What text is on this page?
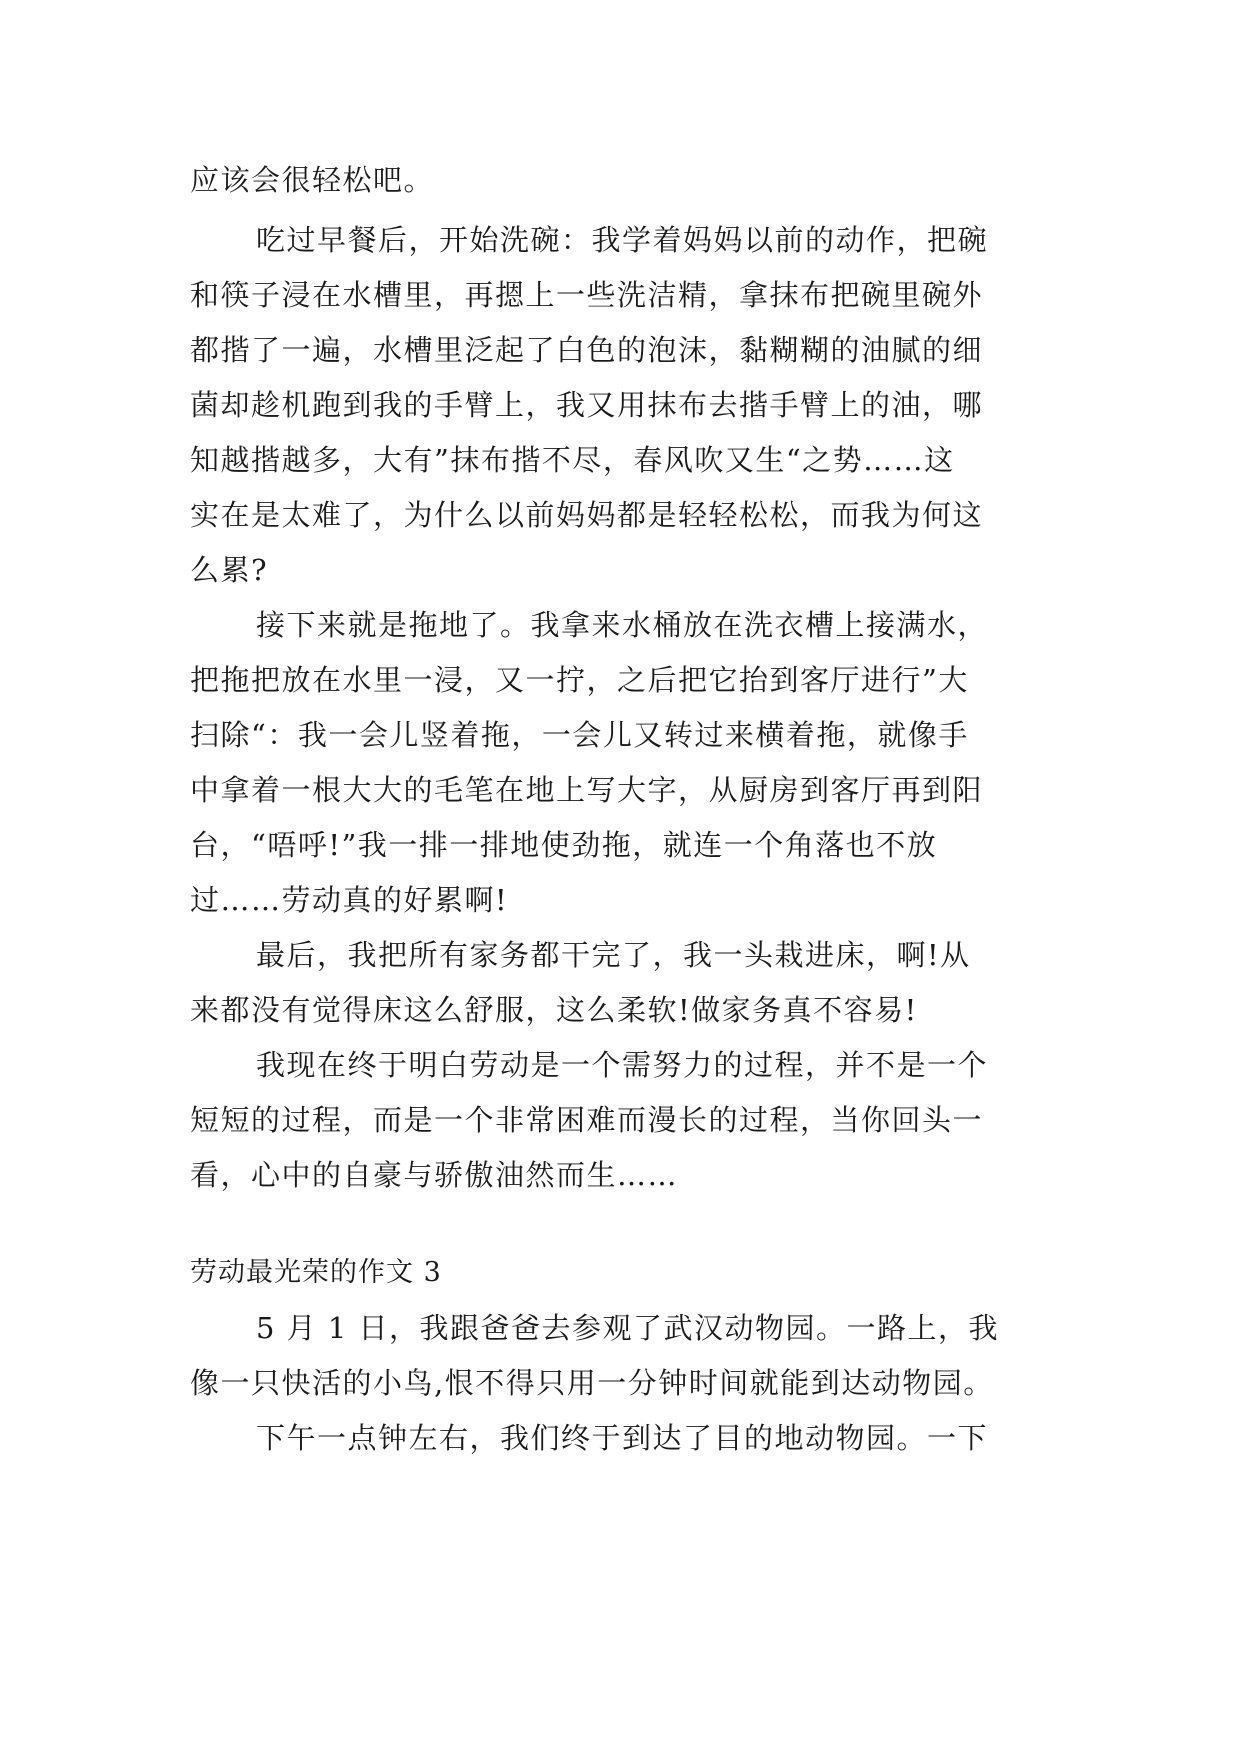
应该会很轻松吧。
吃过早餐后，开始洗碗：我学着妈妈以前的动作，把碗
和筷子浸在水槽里，再摁上一些洗洁精，拿抹布把碗里碗外
都揩了一遍，水槽里泛起了白色的泡沫，黏糊糊的油腻的细
菌却趁机跑到我的手臂上，我又用抹布去揩手臂上的油，哪
知越揩越多，大有”抹布揩不尽，春风吹又生“之势……这
实在是太难了，为什么以前妈妈都是轻轻松松，而我为何这
么累?
接下来就是拖地了。我拿来水桶放在洗衣槽上接满水，
把拖把放在水里一浸，又一拧，之后把它抬到客厅进行”大
扫除“：我一会儿竖着拖，一会儿又转过来横着拖，就像手
中拿着一根大大的毛笔在地上写大字，从厨房到客厅再到阳
台，“唔呼!”我一排一排地使劲拖，就连一个角落也不放
过……劳动真的好累啊!
最后，我把所有家务都干完了，我一头栽进床，啊!从
来都没有觉得床这么舒服，这么柔软!做家务真不容易!
我现在终于明白劳动是一个需努力的过程，并不是一个
短短的过程，而是一个非常困难而漫长的过程，当你回头一
看，心中的自豪与骄傲油然而生……
劳动最光荣的作文 3
5 月 1 日，我跟爸爸去参观了武汉动物园。一路上，我
像一只快活的小鸟,恨不得只用一分钟时间就能到达动物园。
下午一点钟左右，我们终于到达了目的地动物园。一下
